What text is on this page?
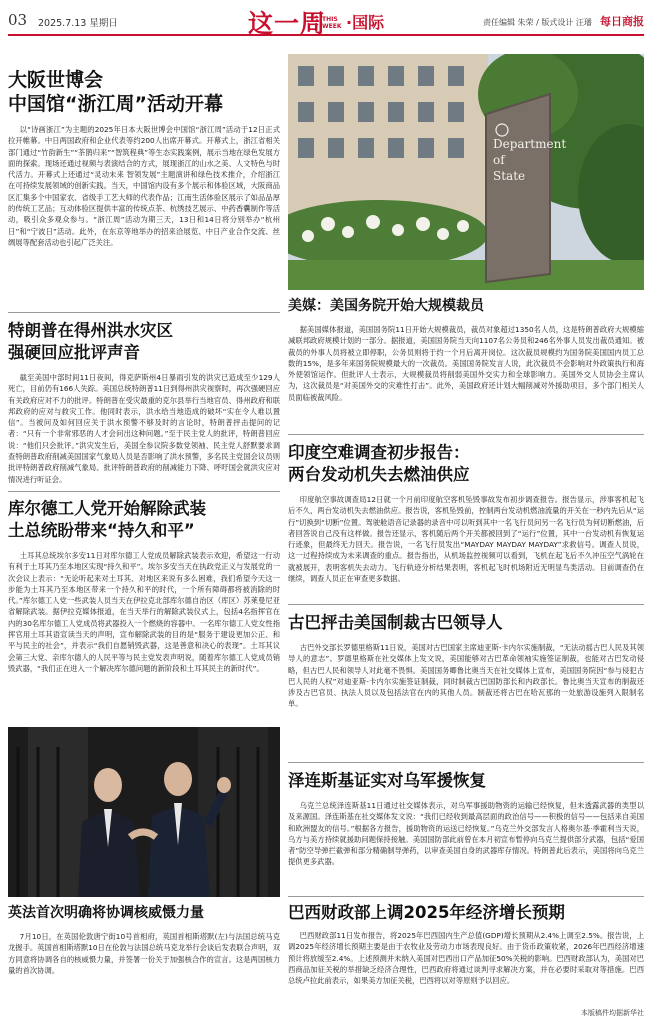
03 2025.7.13 星期日	这一周
THIS
WEEK ·国际	责任编辑 朱荣 / 版式设计 汪璠 每日商报
大阪世博会
中国馆“浙江周”活动开幕
以“诗画浙江”为主题的2025年日本大阪世博会中国馆“浙江周”活动于12日正式拉开帷幕。中日两国政府和企业代表等约200人出席开幕式。开幕式上，浙江省相关部门通过“竹韵新生”“茶鹊归来”“智筑程典”等生态实践案例，展示当地在绿色发展方面的探索。现场还通过视频与表演结合的方式，展现浙江的山水之美、人文特色与时代活力。开幕式上还通过“灵动未来 智领发展”主题演讲和绿色技术推介，介绍浙江在可持续发展领域的创新实践。当天，中国馆内设有多个展示和体验区域，大阪商品区汇集多个中国家农、省级手工艺大师的代表作品；江南生活体验区展示了如品品厚的传统工艺品；互动体验区提供丰富的传统点茶、杭绣技艺展示、中药香囊制作等活动，吸引众多观众参与。“浙江周”活动为期三天，13日和14日将分别举办“杭州日”和“宁波日”活动。此外，在东京等地举办的招来洽展览、中日产业合作交流、丝绸展等配套活动也引起广泛关注。
特朗普在得州洪水灾区
强硬回应批评声音
截至美国中部时间11日夜间，得克萨斯州4日暴雨引发的洪灾已造成至少129人死亡，目前仍有166人失踪。美国总统特朗普11日到得州洪灾视察时，再次强硬回应有关政府应对不力的批评。特朗普在受灾最重的克尔县举行当地官员、得州政府和联邦政府的应对与救灾工作。他同时表示，洪水给当地造成的破坏“实在令人难以置信”。当被问及如何回应关于洪水预警不够及时的言论时，特朗普抨击提问的记者：“只有一个非常邪恶的人才会问出这种问题。”至于民主党人的批评，特朗普回应说：“他们只会批评。”洪灾发生后，美国全参议院多数党领袖、民主党人舒默要求调查特朗普政府削减美国国家气象局人员是否影响了洪水预警，多名民主党国会议员则批评特朗普政府削减气象局、批评特朗普政府的削减能力下降、呼吁国会就洪灾应对情况进行听证会。
库尔德工人党开始解除武装
土总统盼带来“持久和平”
土耳其总统埃尔多安11日对库尔德工人党成员解除武装表示欢迎，希望这一行动有利于土耳其乃至本地区实现“持久和平”。埃尔多安当天在执政党正义与发展党的一次会议上表示：“无论听起来对土耳其、对地区来说有多么困难，我们希望今天这一步能为土耳其乃至本地区带来一个持久和平的时代，一个所有障碍都将被消除的时代。”库尔德工人党一些武装人员当天在伊拉克北部库尔德自治区（库区）苏莱曼尼亚省解除武装。据伊拉克媒体报道，在当天举行的解除武装仪式上，包括4名指挥官在内的30名库尔德工人党成员将武器投入一个燃烧的容器中。一名库尔德工人党女性指挥官用土耳其语宣读当天的声明，宣布解除武装的目的是“服务于建设更加公正、和平与民主的社会”，并表示“我们自愿销毁武器，这是善意和决心的表现”。土耳其议会第三大党、亲库尔德人的人民平等与民主党发表声明说，随着库尔德工人党成员销毁武器，“我们正在进入一个解决库尔德问题的新阶段和土耳其民主的新时代”。
英法首次明确将协调核威慑力量
7月10日，在英国伦敦唐宁街10号首相府，英国首相斯塔默(左)与法国总统马克龙握手。英国首相斯塔默10日在伦敦与法国总统马克龙举行会谈后发表联合声明，双方同意将协调各自的核威慑力量，并签署一份关于加强核合作的宣言。这是两国核力量的首次协调。
Department
of
State
美媒：美国务院开始大规模裁员
据美国媒体报道，美国国务院11日开始大规模裁员，裁员对象超过1350名人员，这是特朗普政府大规模缩减联邦政府规模计划的一部分。据报道，美国国务院当天向1107名公务员和246名外事人员发出裁员通知。被裁员的外事人员将被立即停职，公务员则将于约一个月后离开岗位。这次裁员规模约为国务院美国国内员工总数的15%，是多年来国务院规模最大的一次裁员。美国国务院发言人说，此次裁员不会影响对外政策执行和海外使领馆运作。但批评人士表示，大规模裁员将削弱美国外交实力和全球影响力。美国外交人员协会主席认为，这次裁员是“对美国外交的灾难性打击”。此外，美国政府还计划大幅削减对外援助项目，多个部门相关人员面临被裁风险。
印度空难调查初步报告：
两台发动机失去燃油供应
印度航空事故调查局12日就一个月前印度航空客机坠毁事故发布初步调查报告。报告显示，涉事客机起飞后不久，两台发动机失去燃油供应。报告说，客机坠毁前，控制两台发动机燃油流量的开关在一秒内先后从“运行”切换到“切断”位置。驾驶舱语音记录器的录音中可以听到其中一名飞行员问另一名飞行员为何切断燃油，后者回答说自己没有这样做。报告还显示，客机随后两个开关都被回到了“运行”位置，其中一台发动机有恢复运行迹象，但最终无力回天。报告说，一名飞行员发出“MAYDAY MAYDAY MAYDAY”求救信号。调查人员说，这一过程持续成为未来调查的重点。报告指出，从机场监控视频可以看到，飞机在起飞后不久冲压空气涡轮在就被展开，表明客机失去动力。飞行轨迹分析结果表明，客机起飞时机场附近无明显鸟类活动。目前调查仍在继续，调查人员正在审查更多数据。
古巴抨击美国制裁古巴领导人
古巴外交部长罗德里格斯11日说，美国对古巴国家主席迪亚斯-卡内尔实施制裁，“无法动摇古巴人民及其领导人的意志”。罗德里格斯在社交媒体上发文说，美国能够对古巴革命领袖实施签证制裁，也能对古巴发动侵略，但古巴人民和领导人对此毫不畏惧。美国国务卿鲁比奥当天在社交媒体上宣布，美国国务院因“参与侵犯古巴人民的人权”对迪亚斯-卡内尔实施签证制裁，同时制裁古巴国防部长和内政部长。鲁比奥当天宣布的制裁还涉及古巴官员、执法人员以及包括法官在内的其他人员。制裁还将古巴在哈瓦那的一处旅游设施列入限制名单。
泽连斯基证实对乌军援恢复
乌克兰总统泽连斯基11日通过社交媒体表示，对乌军事援助物资的运输已经恢复，但未透露武器的类型以及来源国。泽连斯基在社交媒体发文说：“我们已经收到最高层面的政治信号——积极的信号——包括来自美国和欧洲盟友的信号。”根据各方报告，援助物资的运送已经恢复。”乌克兰外交部发言人格奥尔基·季霍利当天说，乌方与美方持续就援助问题保持接触。美国国防部此前曾在本月初宣布暂停向乌克兰提供部分武器，包括“爱国者”防空导弹拦截弹和部分精确制导弹药，以审查美国自身的武器库存情况。特朗普此后表示，美国将向乌克兰提供更多武器。
巴西财政部上调2025年经济增长预期
巴西财政部11日发布报告，将2025年巴西国内生产总值(GDP)增长预期从2.4%上调至2.5%。报告说，上调2025年经济增长预期主要是由于农牧业及劳动力市场表现良好。由于货币政策收紧，2026年巴西经济增速预计将放缓至2.4%。上述预测并未纳入美国对巴西出口产品加征50%关税的影响。巴西财政部认为，美国对巴西商品加征关税的举措缺乏经济合理性，巴西政府将通过谈判寻求解决方案，并在必要时采取对等措施。巴西总统卢拉此前表示，如果美方加征关税，巴西将以对等原则予以回应。
本版稿件均据新华社
